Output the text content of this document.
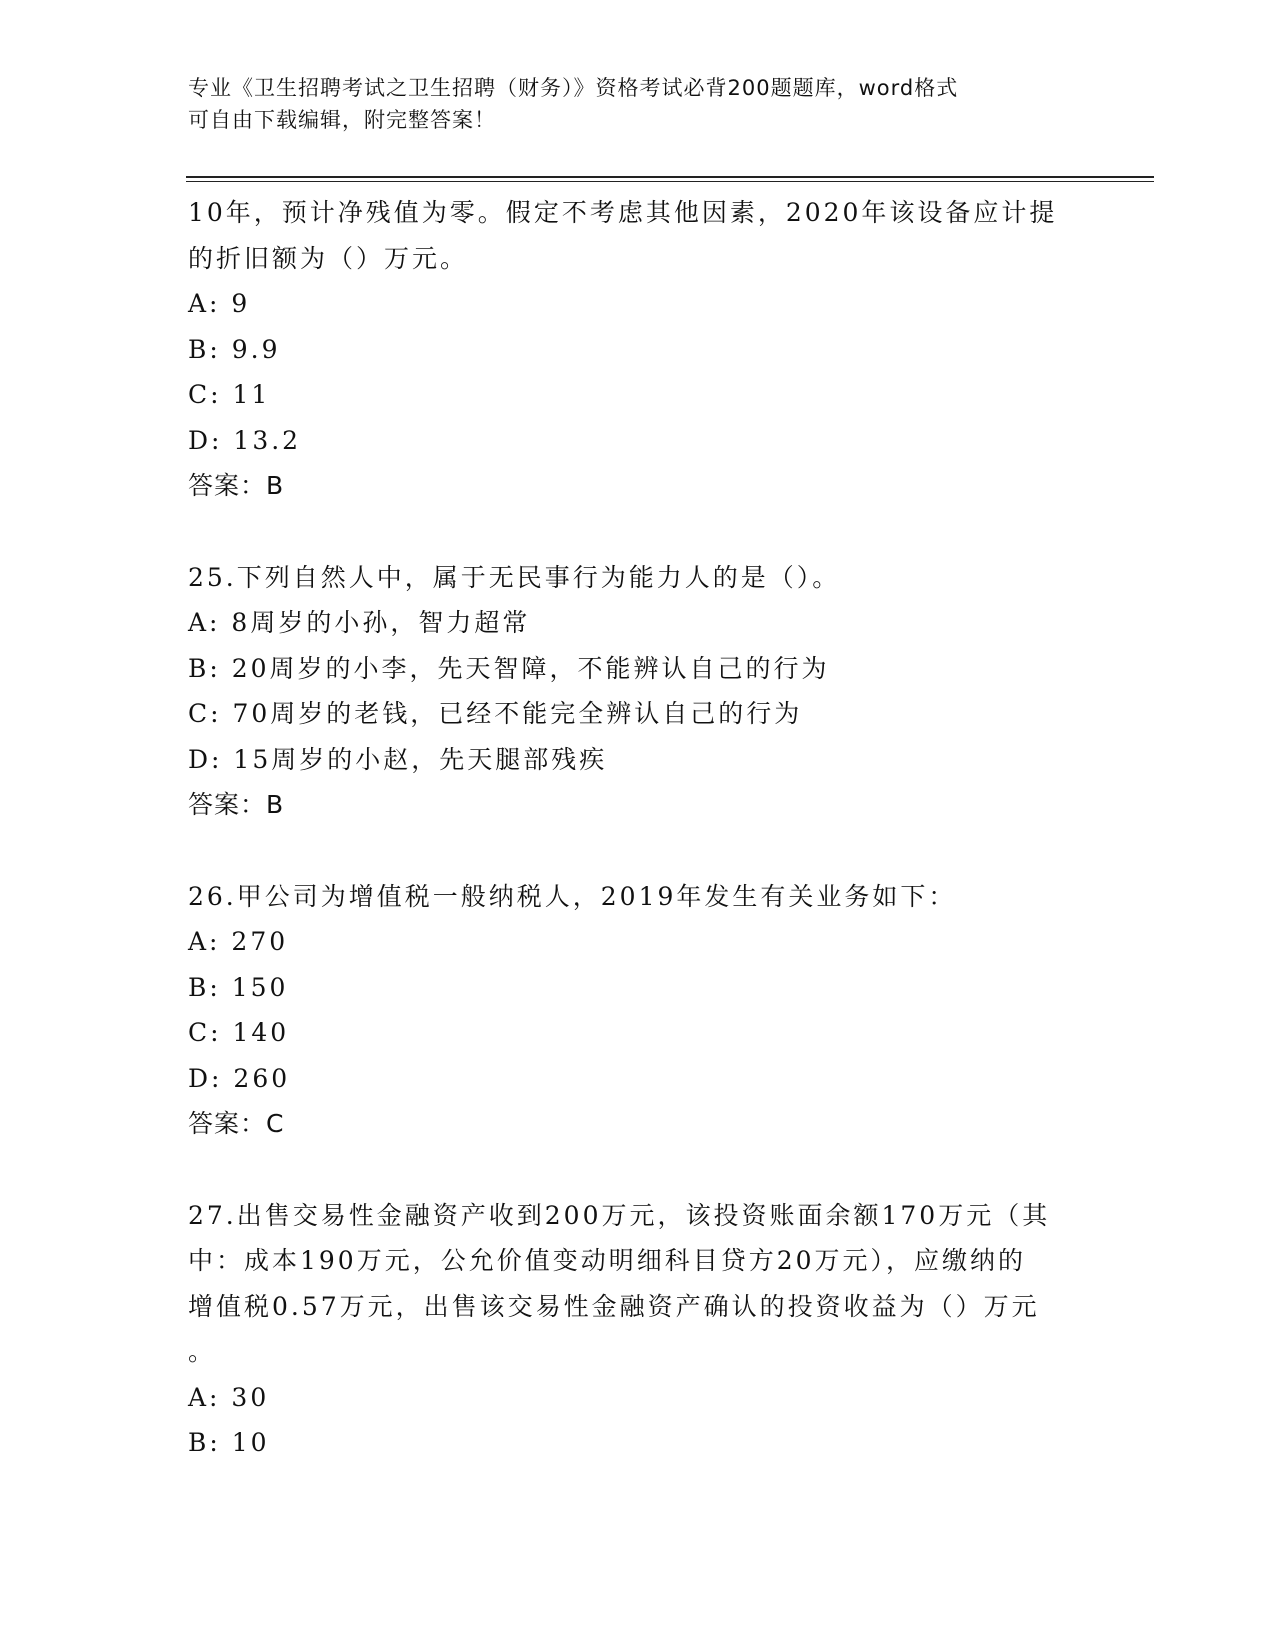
专业《卫生招聘考试之卫生招聘（财务）》资格考试必背200题题库，word格式
可自由下载编辑，附完整答案！
10年，预计净残值为零。假定不考虑其他因素，2020年该设备应计提
的折旧额为（）万元。
A: 9
B: 9.9
C: 11
D: 13.2
答案：B
25.下列自然人中，属于无民事行为能力人的是（）。
A: 8周岁的小孙，智力超常
B: 20周岁的小李，先天智障，不能辨认自己的行为
C: 70周岁的老钱，已经不能完全辨认自己的行为
D: 15周岁的小赵，先天腿部残疾
答案：B
26.甲公司为增值税一般纳税人，2019年发生有关业务如下：
A: 270
B: 150
C: 140
D: 260
答案：C
27.出售交易性金融资产收到200万元，该投资账面余额170万元（其
中：成本190万元，公允价值变动明细科目贷方20万元），应缴纳的
增值税0.57万元，出售该交易性金融资产确认的投资收益为（）万元
。
A: 30
B: 10
